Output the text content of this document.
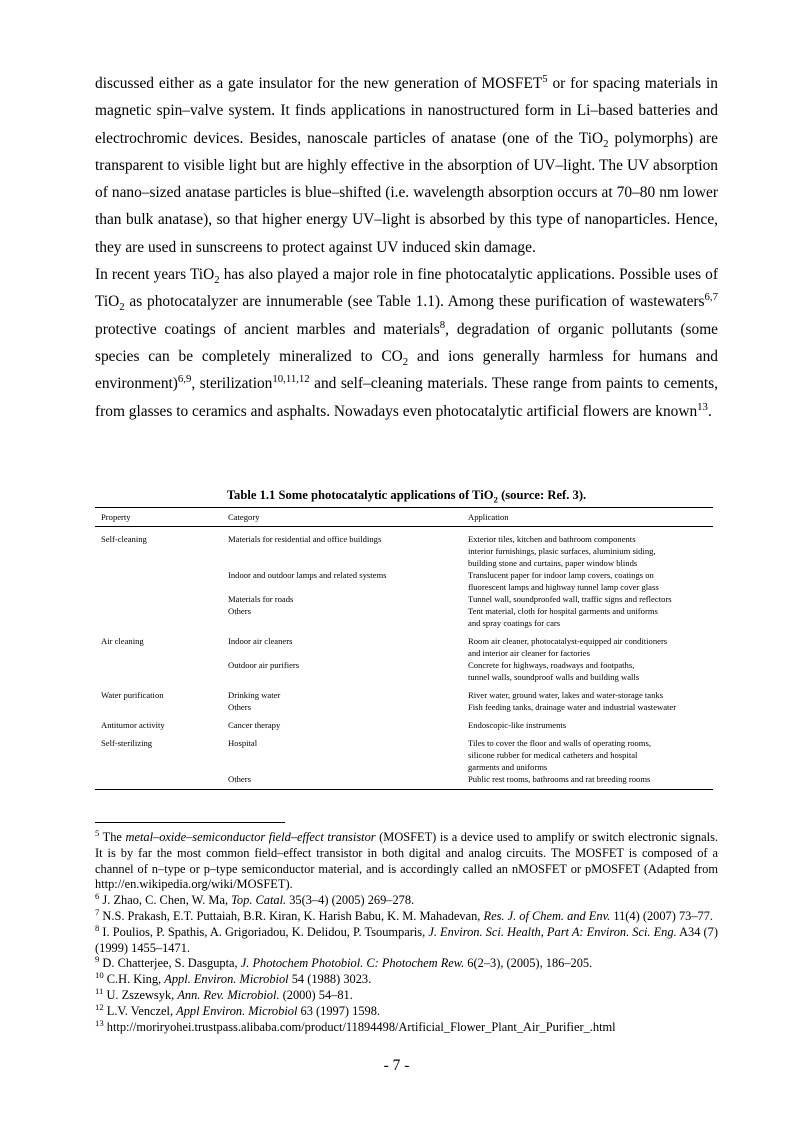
discussed either as a gate insulator for the new generation of MOSFET$^5$ or for spacing materials in magnetic spin–valve system. It finds applications in nanostructured form in Li–based batteries and electrochromic devices. Besides, nanoscale particles of anatase (one of the TiO$_2$ polymorphs) are transparent to visible light but are highly effective in the absorption of UV–light. The UV absorption of nano–sized anatase particles is blue–shifted (i.e. wavelength absorption occurs at 70–80 nm lower than bulk anatase), so that higher energy UV–light is absorbed by this type of nanoparticles. Hence, they are used in sunscreens to protect against UV induced skin damage.

In recent years TiO$_2$ has also played a major role in fine photocatalytic applications. Possible uses of TiO$_2$ as photocatalyzer are innumerable (see Table 1.1). Among these purification of wastewaters$^{6,7}$ protective coatings of ancient marbles and materials$^8$, degradation of organic pollutants (some species can be completely mineralized to $CO_2$ and ions generally harmless for humans and environment)$^{6,9}$, sterilization$^{10,11,12}$ and self–cleaning materials. These range from paints to cements, from glasses to ceramics and asphalts. Nowadays even photocatalytic artificial flowers are known$^{13}$.

Table 1.1 Some photocatalytic applications of TiO$_2$ (source: Ref. 3).
Property	Category	Application
Self-cleaning	Materials for residential and office buildings	Exterior tiles, kitchen and bathroom components
interior furnishings, plasic surfaces, aluminium siding,
building stone and curtains, paper window blinds

	Indoor and outdoor lamps and related systems	Translucent paper for indoor lamp covers, coatings on
fluorescent lamps and highway tunnel lamp cover glass

	Materials for roads	Tunnel wall, soundproofed wall, traffic signs and reflectors

	Others	Tent material, cloth for hospital garments and uniforms
and spray coatings for cars

Air cleaning	Indoor air cleaners	Room air cleaner, photocatalyst-equipped air conditioners
and interior air cleaner for factories

	Outdoor air purifiers	Concrete for highways, roadways and footpaths,
tunnel walls, soundproof walls and building walls

Water purification	Drinking water	River water, ground water, lakes and water-storage tanks

	Others	Fish feeding tanks, drainage water and industrial wastewater

Antitumor activity	Cancer therapy	Endoscopic-like instruments

Self-sterilizing	Hospital	Tiles to cover the floor and walls of operating rooms,
silicone rubber for medical catheters and hospital
garments and uniforms

	Others	Public rest rooms, bathrooms and rat breeding rooms

$^5$ The metal–oxide–semiconductor field–effect transistor (MOSFET) is a device used to amplify or switch electronic signals. It is by far the most common field–effect transistor in both digital and analog circuits. The MOSFET is composed of a channel of n–type or p–type semiconductor material, and is accordingly called an nMOSFET or pMOSFET (Adapted from http://en.wikipedia.org/wiki/MOSFET).

$^6$ J. Zhao, C. Chen, W. Ma, Top. Catal. 35(3–4) (2005) 269–278.

$^7$ N.S. Prakash, E.T. Puttaiah, B.R. Kiran, K. Harish Babu, K. M. Mahadevan, Res. J. of Chem. and Env. 11(4) (2007) 73–77.

$^8$ I. Poulios, P. Spathis, A. Grigoriadou, K. Delidou, P. Tsoumparis, J. Environ. Sci. Health, Part A: Environ. Sci. Eng. A34 (7) (1999) 1455–1471.

$^9$ D. Chatterjee, S. Dasgupta, J. Photochem Photobiol. C: Photochem Rew. 6(2–3), (2005), 186–205.

$^{10}$ C.H. King, Appl. Environ. Microbiol 54 (1988) 3023.

$^{11}$ U. Zszewsyk, Ann. Rev. Microbiol. (2000) 54–81.

$^{12}$ L.V. Venczel, Appl Environ. Microbiol 63 (1997) 1598.

$^{13}$ http://moriryohei.trustpass.alibaba.com/product/11894498/Artificial_Flower_Plant_Air_Purifier_.html

- 7 -
